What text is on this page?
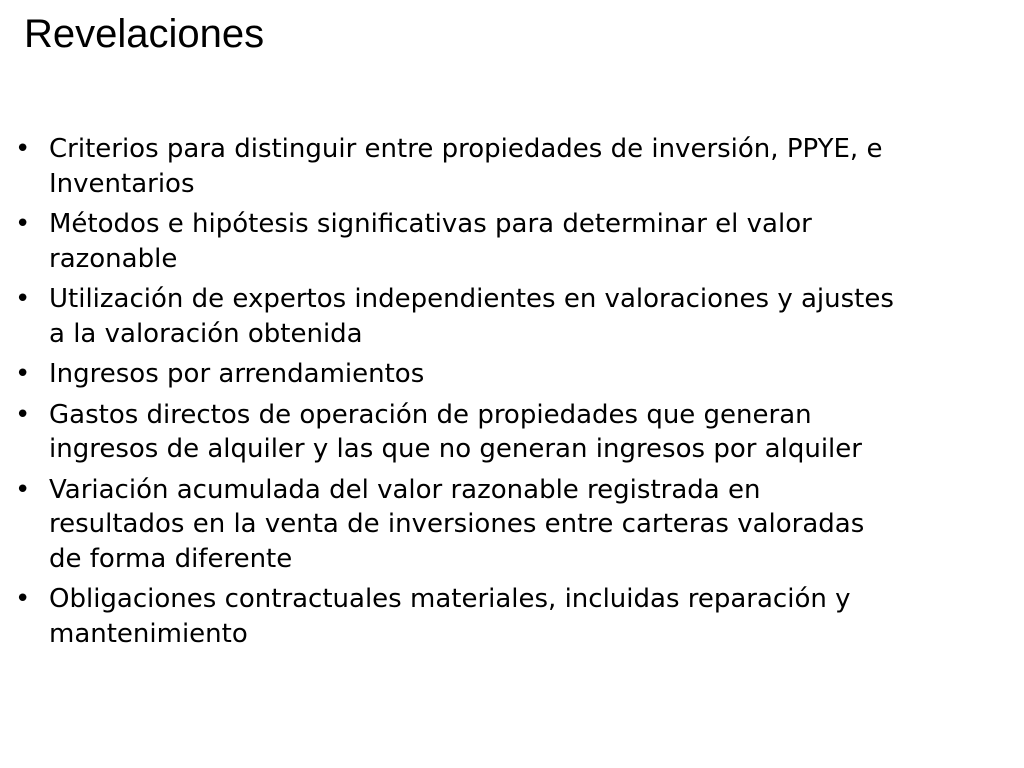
Revelaciones
• Criterios para distinguir entre propiedades de inversión, PPYE, e Inventarios
• Métodos e hipótesis significativas para determinar el valor razonable
• Utilización de expertos independientes en valoraciones y ajustes a la valoración obtenida
• Ingresos por arrendamientos
• Gastos directos de operación de propiedades que generan ingresos de alquiler y las que no generan ingresos por alquiler
• Variación acumulada del valor razonable registrada en resultados en la venta de inversiones entre carteras valoradas de forma diferente
• Obligaciones contractuales materiales, incluidas reparación y mantenimiento
